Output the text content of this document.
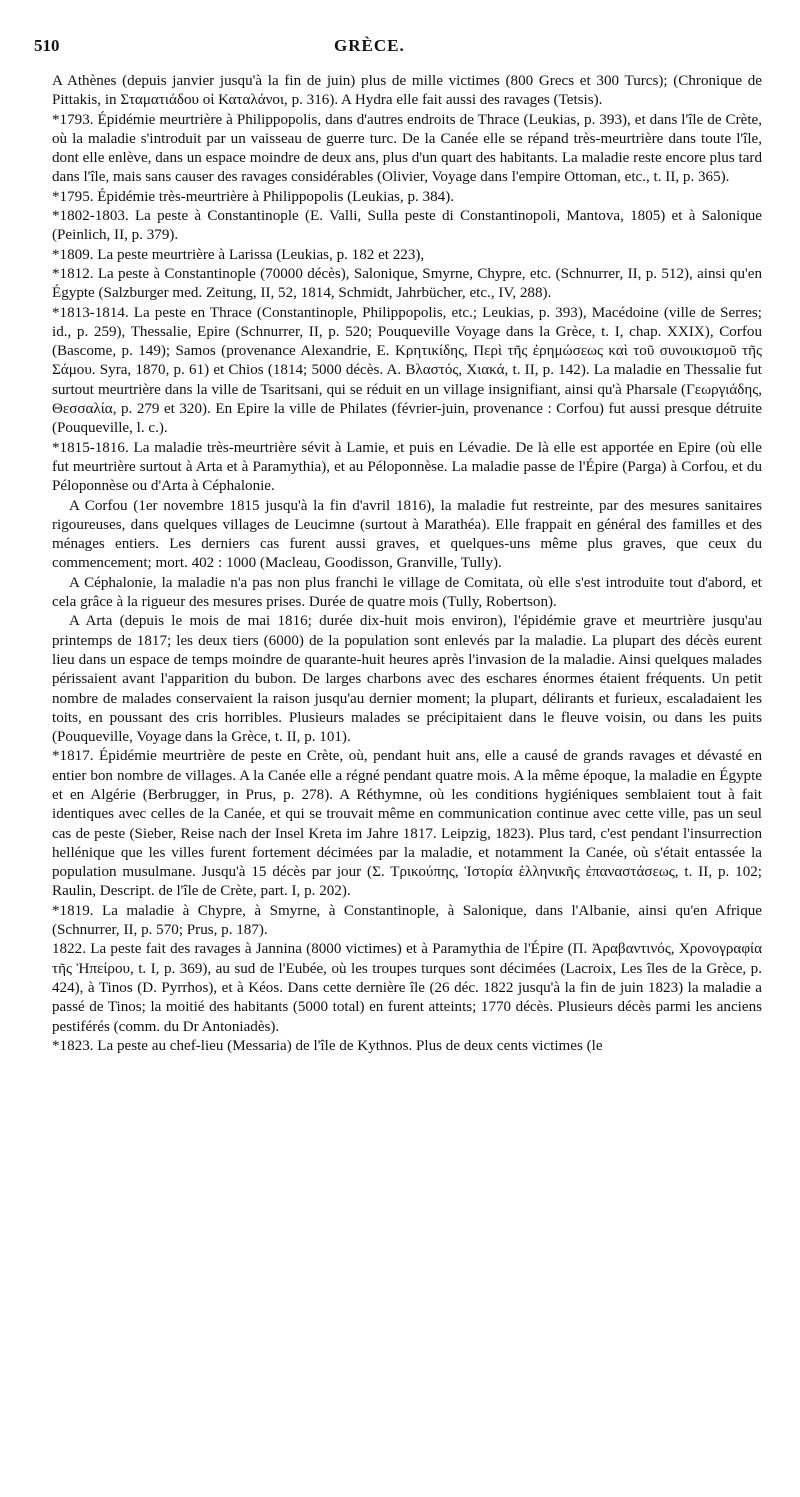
510	GRÈCE.

A Athènes (depuis janvier jusqu'à la fin de juin) plus de mille victimes (800 Grecs et 300 Turcs); (Chronique de Pittakis, in Σταματιάδου οἱ Καταλάνοι, p. 316). A Hydra elle fait aussi des ravages (Tetsis).

*1793. Épidémie meurtrière à Philippopolis, dans d'autres endroits de Thrace (Leukias, p. 393), et dans l'île de Crète, où la maladie s'introduit par un vaisseau de guerre turc. De la Canée elle se répand très-meurtrière dans toute l'île, dont elle enlève, dans un espace moindre de deux ans, plus d'un quart des habitants. La maladie reste encore plus tard dans l'île, mais sans causer des ravages considérables (Olivier, Voyage dans l'empire Ottoman, etc., t. II, p. 365).

*1795. Épidémie très-meurtrière à Philippopolis (Leukias, p. 384).

*1802-1803. La peste à Constantinople (E. Valli, Sulla peste di Constantinopoli, Mantova, 1805) et à Salonique (Peinlich, II, p. 379).

*1809. La peste meurtrière à Larissa (Leukias, p. 182 et 223),

*1812. La peste à Constantinople (70000 décès), Salonique, Smyrne, Chypre, etc. (Schnurrer, II, p. 512), ainsi qu'en Égypte (Salzburger med. Zeitung, II, 52, 1814, Schmidt, Jahrbücher, etc., IV, 288).

*1813-1814. La peste en Thrace (Constantinople, Philippopolis, etc.; Leukias, p. 393), Macédoine (ville de Serres; id., p. 259), Thessalie, Epire (Schnurrer, II, p. 520; Pouqueville Voyage dans la Grèce, t. I, chap. XXIX), Corfou (Bascome, p. 149); Samos (provenance Alexandrie, E. Κρητικίδης, Περὶ τῆς ἐρημώσεως καὶ τοῦ συνοικισμοῦ τῆς Σάμου. Syra, 1870, p. 61) et Chios (1814; 5000 décès. A. Βλαστός, Χιακά, t. II, p. 142). La maladie en Thessalie fut surtout meurtrière dans la ville de Tsaritsani, qui se réduit en un village insignifiant, ainsi qu'à Pharsale (Γεωργιάδης, Θεσσαλία, p. 279 et 320). En Epire la ville de Philates (février-juin, provenance : Corfou) fut aussi presque détruite (Pouqueville, l. c.).

*1815-1816. La maladie très-meurtrière sévit à Lamie, et puis en Lévadie. De là elle est apportée en Epire (où elle fut meurtrière surtout à Arta et à Paramythia), et au Péloponnèse. La maladie passe de l'Épire (Parga) à Corfou, et du Péloponnèse ou d'Arta à Céphalonie.

A Corfou (1er novembre 1815 jusqu'à la fin d'avril 1816), la maladie fut restreinte, par des mesures sanitaires rigoureuses, dans quelques villages de Leucimne (surtout à Marathéa). Elle frappait en général des familles et des ménages entiers. Les derniers cas furent aussi graves, et quelques-uns même plus graves, que ceux du commencement; mort. 402 : 1000 (Macleau, Goodisson, Granville, Tully).

A Céphalonie, la maladie n'a pas non plus franchi le village de Comitata, où elle s'est introduite tout d'abord, et cela grâce à la rigueur des mesures prises. Durée de quatre mois (Tully, Robertson).

A Arta (depuis le mois de mai 1816; durée dix-huit mois environ), l'épidémie grave et meurtrière jusqu'au printemps de 1817; les deux tiers (6000) de la population sont enlevés par la maladie. La plupart des décès eurent lieu dans un espace de temps moindre de quarante-huit heures après l'invasion de la maladie. Ainsi quelques malades périssaient avant l'apparition du bubon. De larges charbons avec des eschares énormes étaient fréquents. Un petit nombre de malades conservaient la raison jusqu'au dernier moment; la plupart, délirants et furieux, escaladaient les toits, en poussant des cris horribles. Plusieurs malades se précipitaient dans le fleuve voisin, ou dans les puits (Pouqueville, Voyage dans la Grèce, t. II, p. 101).

*1817. Épidémie meurtrière de peste en Crète, où, pendant huit ans, elle a causé de grands ravages et dévasté en entier bon nombre de villages. A la Canée elle a régné pendant quatre mois. A la même époque, la maladie en Égypte et en Algérie (Berbrugger, in Prus, p. 278). A Réthymne, où les conditions hygiéniques semblaient tout à fait identiques avec celles de la Canée, et qui se trouvait même en communication continue avec cette ville, pas un seul cas de peste (Sieber, Reise nach der Insel Kreta im Jahre 1817. Leipzig, 1823). Plus tard, c'est pendant l'insurrection hellénique que les villes furent fortement décimées par la maladie, et notamment la Canée, où s'était entassée la population musulmane. Jusqu'à 15 décès par jour (Σ. Τρικούπης, Ἱστορία ἑλληνικῆς ἐπαναστάσεως, t. II, p. 102; Raulin, Descript. de l'île de Crète, part. I, p. 202).

*1819. La maladie à Chypre, à Smyrne, à Constantinople, à Salonique, dans l'Albanie, ainsi qu'en Afrique (Schnurrer, II, p. 570; Prus, p. 187).

1822. La peste fait des ravages à Jannina (8000 victimes) et à Paramythia de l'Épire (Π. Ἀραβαντινός, Χρονογραφία τῆς Ἠπείρου, t. I, p. 369), au sud de l'Eubée, où les troupes turques sont décimées (Lacroix, Les îles de la Grèce, p. 424), à Tinos (D. Pyrrhos), et à Kéos. Dans cette dernière île (26 déc. 1822 jusqu'à la fin de juin 1823) la maladie a passé de Tinos; la moitié des habitants (5000 total) en furent atteints; 1770 décès. Plusieurs décès parmi les anciens pestiférés (comm. du Dr Antoniadès).

*1823. La peste au chef-lieu (Messaria) de l'île de Kythnos. Plus de deux cents victimes (le
